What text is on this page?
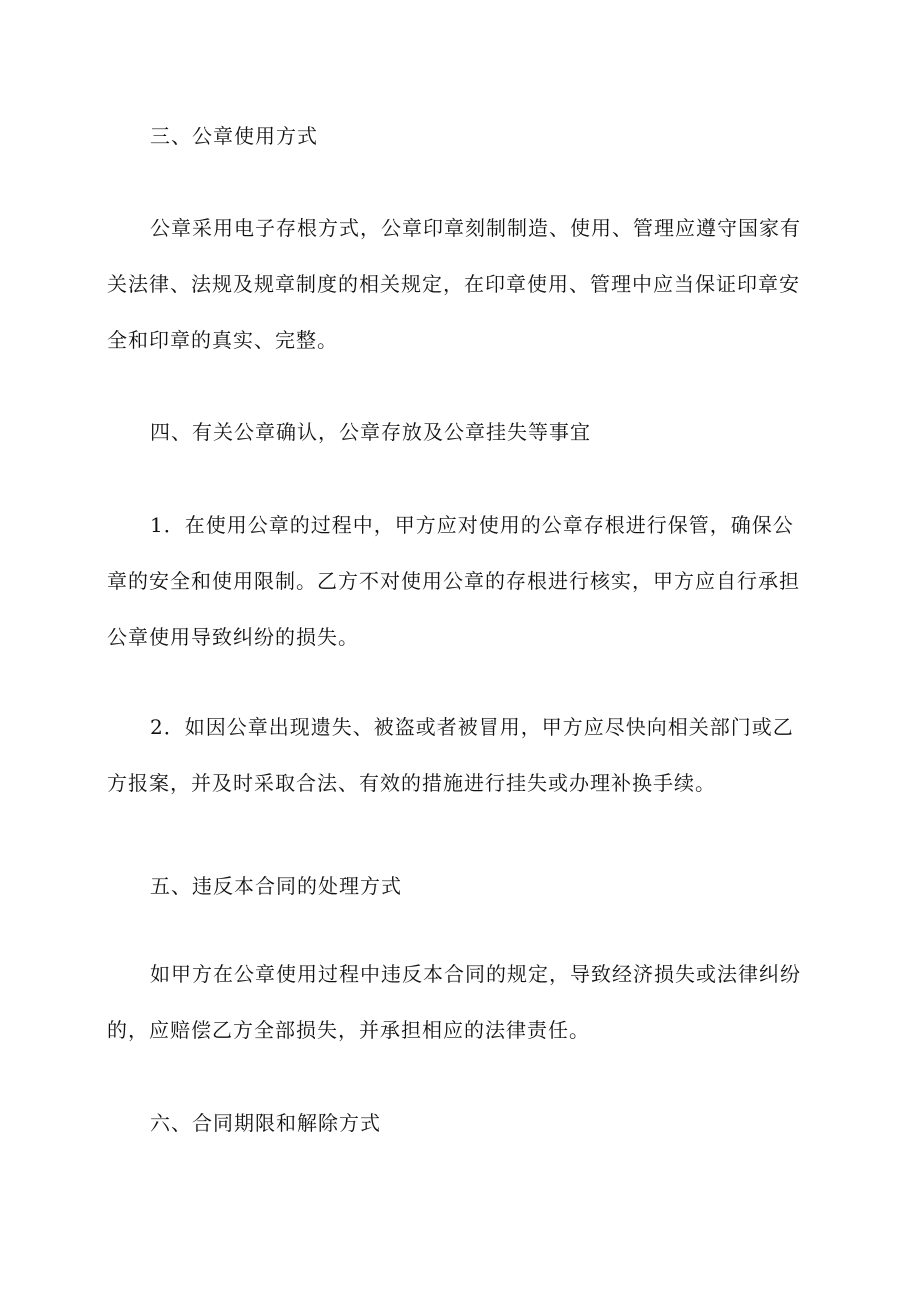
三、公章使用方式

公章采用电子存根方式，公章印章刻制制造、使用、管理应遵守国家有关法律、法规及规章制度的相关规定，在印章使用、管理中应当保证印章安全和印章的真实、完整。

四、有关公章确认，公章存放及公章挂失等事宜

1．在使用公章的过程中，甲方应对使用的公章存根进行保管，确保公章的安全和使用限制。乙方不对使用公章的存根进行核实，甲方应自行承担公章使用导致纠纷的损失。

2．如因公章出现遗失、被盗或者被冒用，甲方应尽快向相关部门或乙方报案，并及时采取合法、有效的措施进行挂失或办理补换手续。

五、违反本合同的处理方式

如甲方在公章使用过程中违反本合同的规定，导致经济损失或法律纠纷的，应赔偿乙方全部损失，并承担相应的法律责任。

六、合同期限和解除方式
